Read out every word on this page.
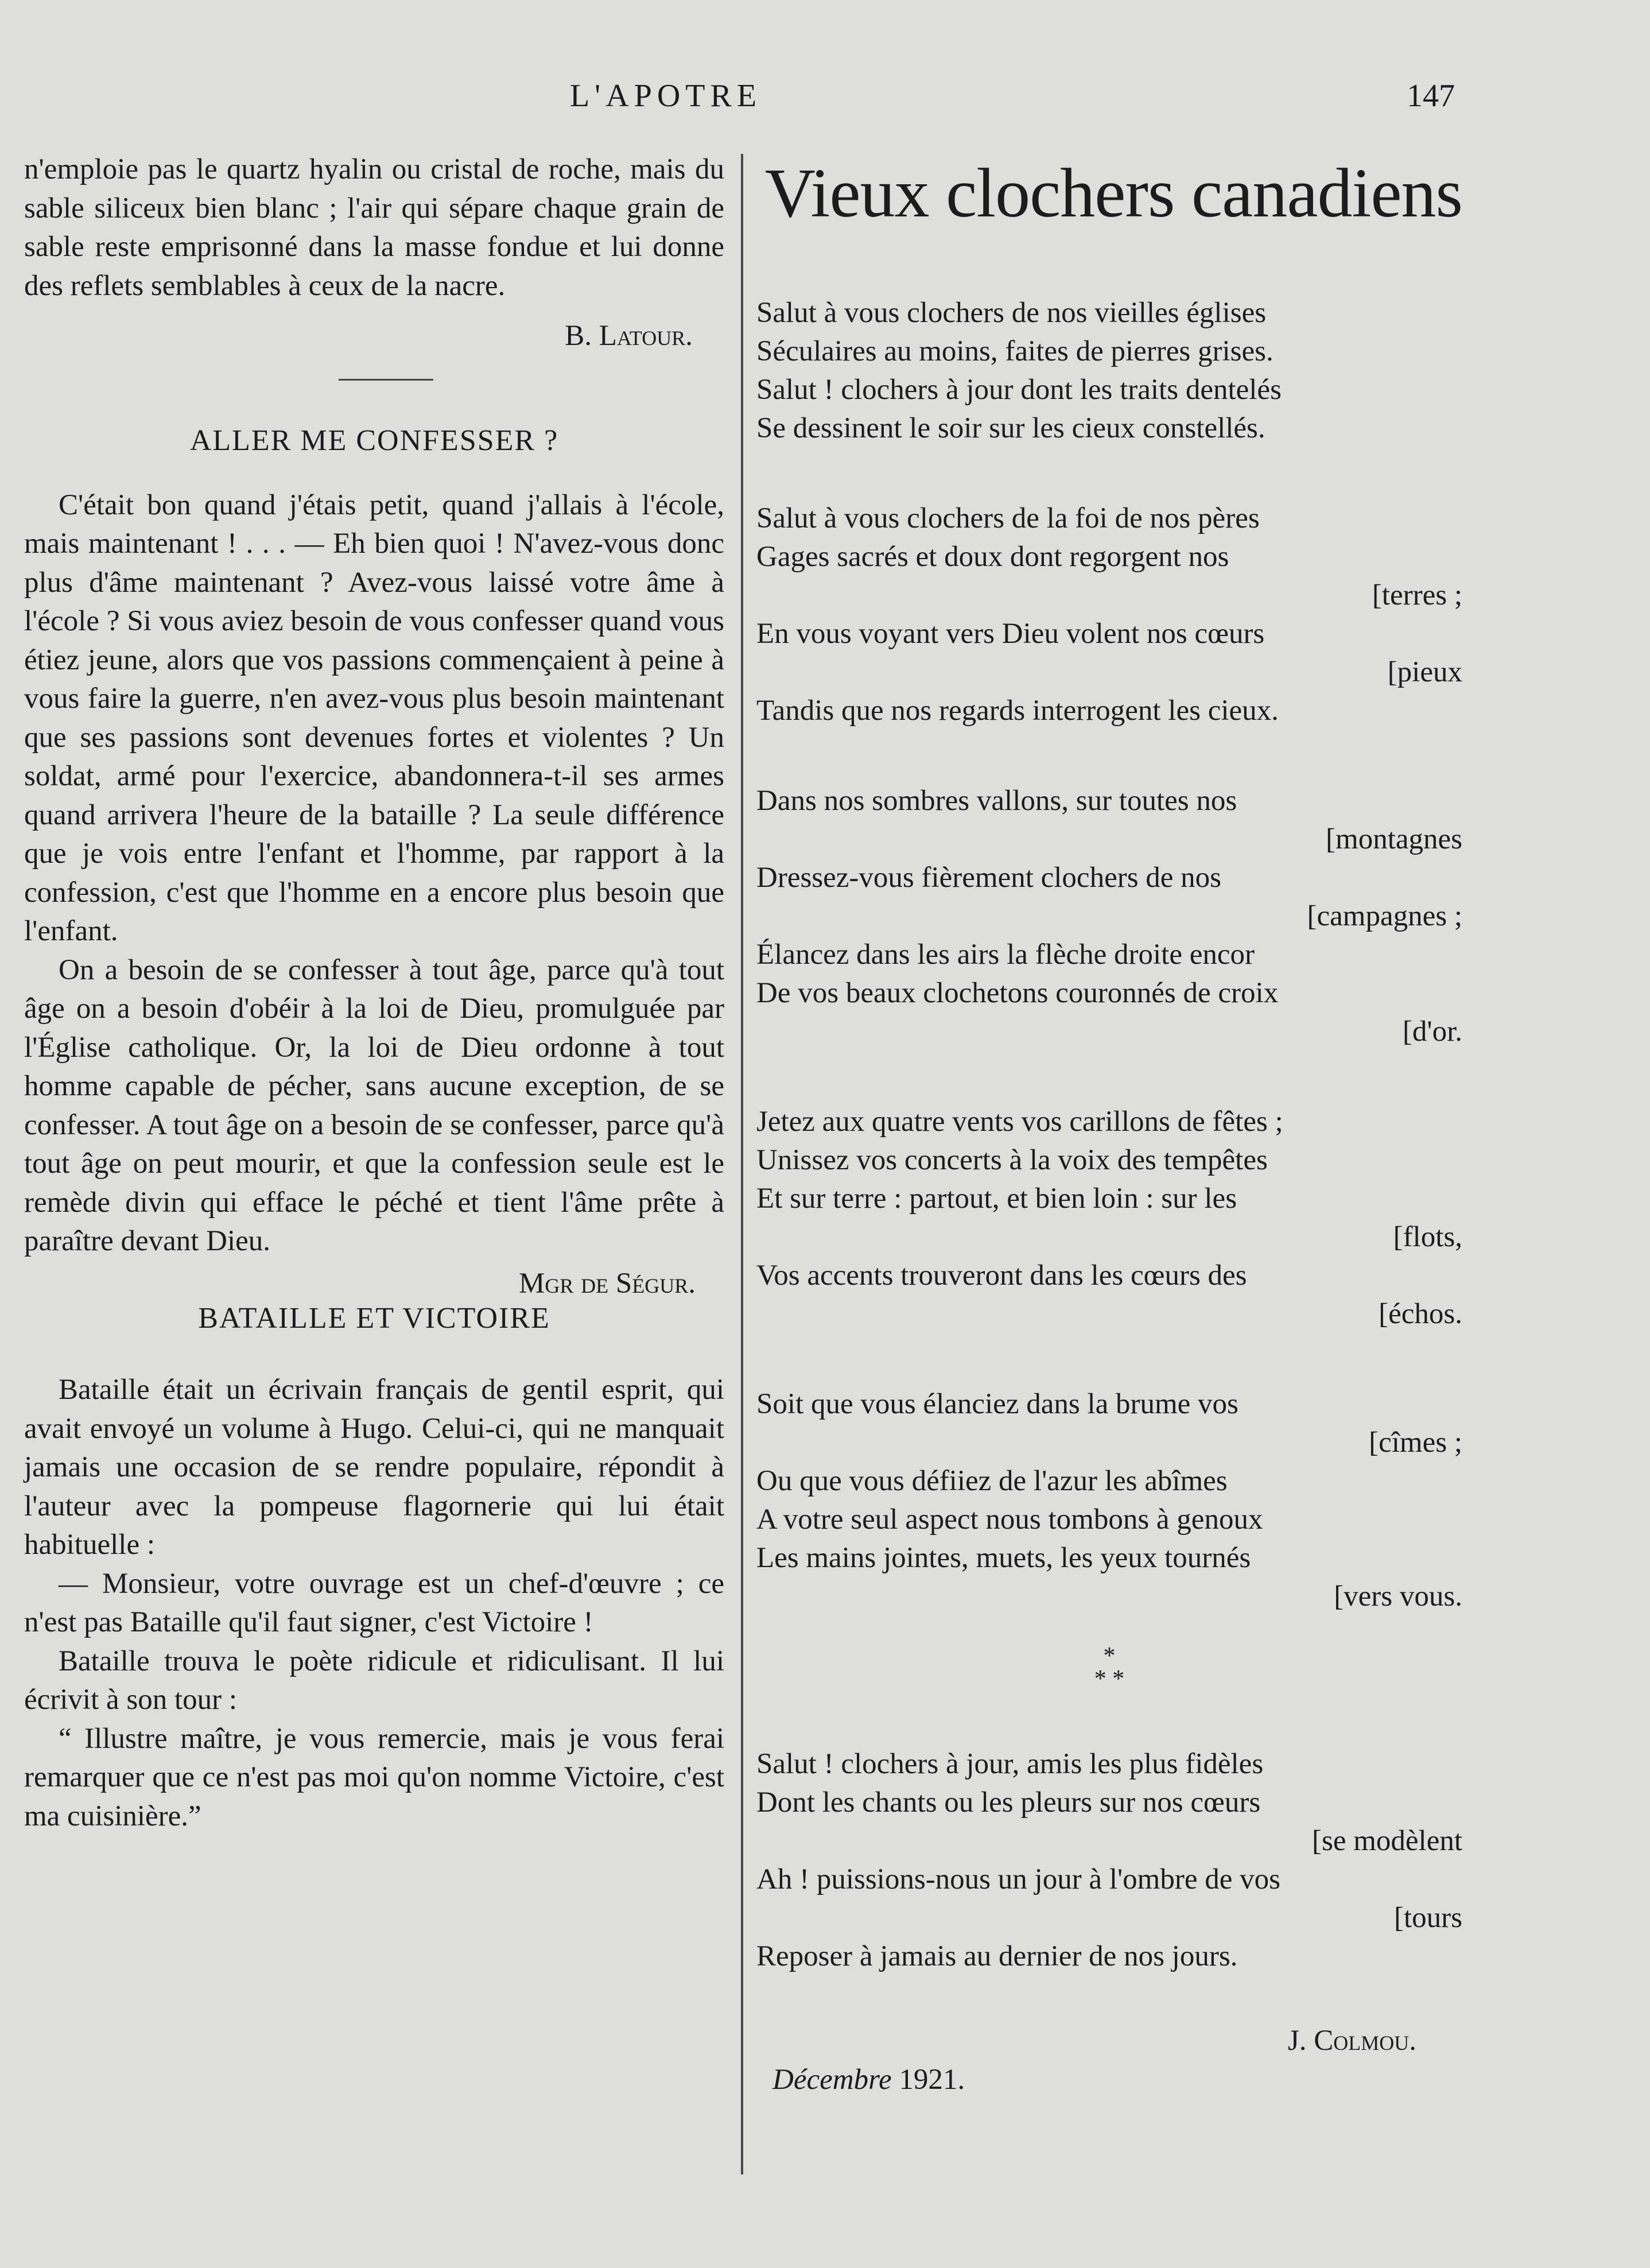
L'APOTRE	147

n'emploie pas le quartz hyalin ou cristal de roche, mais du sable siliceux bien blanc ; l'air qui sépare chaque grain de sable reste emprisonné dans la masse fondue et lui donne des reflets semblables à ceux de la nacre.

B. Latour.

ALLER ME CONFESSER ?

C'était bon quand j'étais petit, quand j'allais à l'école, mais maintenant ! . . . — Eh bien quoi ! N'avez-vous donc plus d'âme maintenant ? Avez-vous laissé votre âme à l'école ? Si vous aviez besoin de vous confesser quand vous étiez jeune, alors que vos passions commençaient à peine à vous faire la guerre, n'en avez-vous plus besoin maintenant que ses passions sont devenues fortes et violentes ? Un soldat, armé pour l'exercice, abandonnera-t-il ses armes quand arrivera l'heure de la bataille ? La seule différence que je vois entre l'enfant et l'homme, par rapport à la confession, c'est que l'homme en a encore plus besoin que l'enfant.

On a besoin de se confesser à tout âge, parce qu'à tout âge on a besoin d'obéir à la loi de Dieu, promulguée par l'Église catholique. Or, la loi de Dieu ordonne à tout homme capable de pécher, sans aucune exception, de se confesser. A tout âge on a besoin de se confesser, parce qu'à tout âge on peut mourir, et que la confession seule est le remède divin qui efface le péché et tient l'âme prête à paraître devant Dieu.

Mgr de Ségur.

BATAILLE ET VICTOIRE

Bataille était un écrivain français de gentil esprit, qui avait envoyé un volume à Hugo. Celui-ci, qui ne manquait jamais une occasion de se rendre populaire, répondit à l'auteur avec la pompeuse flagornerie qui lui était habituelle :

— Monsieur, votre ouvrage est un chef-d'œuvre ; ce n'est pas Bataille qu'il faut signer, c'est Victoire !

Bataille trouva le poète ridicule et ridiculisant. Il lui écrivit à son tour :

“ Illustre maître, je vous remercie, mais je vous ferai remarquer que ce n'est pas moi qu'on nomme Victoire, c'est ma cuisinière.”

Vieux clochers canadiens

Salut à vous clochers de nos vieilles églises
Séculaires au moins, faites de pierres grises.
Salut ! clochers à jour dont les traits dentelés
Se dessinent le soir sur les cieux constellés.
Salut à vous clochers de la foi de nos pères
Gages sacrés et doux dont regorgent nos
[terres ;
En vous voyant vers Dieu volent nos cœurs
[pieux
Tandis que nos regards interrogent les cieux.
Dans nos sombres vallons, sur toutes nos
[montagnes
Dressez-vous fièrement clochers de nos
[campagnes ;
Élancez dans les airs la flèche droite encor
De vos beaux clochetons couronnés de croix
[d'or.
Jetez aux quatre vents vos carillons de fêtes ;
Unissez vos concerts à la voix des tempêtes
Et sur terre : partout, et bien loin : sur les
[flots,
Vos accents trouveront dans les cœurs des
[échos.
Soit que vous élanciez dans la brume vos
[cîmes ;
Ou que vous défiiez de l'azur les abîmes
A votre seul aspect nous tombons à genoux
Les mains jointes, muets, les yeux tournés
[vers vous.

*

* *

Salut ! clochers à jour, amis les plus fidèles
Dont les chants ou les pleurs sur nos cœurs
[se modèlent
Ah ! puissions-nous un jour à l'ombre de vos
[tours
Reposer à jamais au dernier de nos jours.

J. Colmou.

Décembre 1921.
